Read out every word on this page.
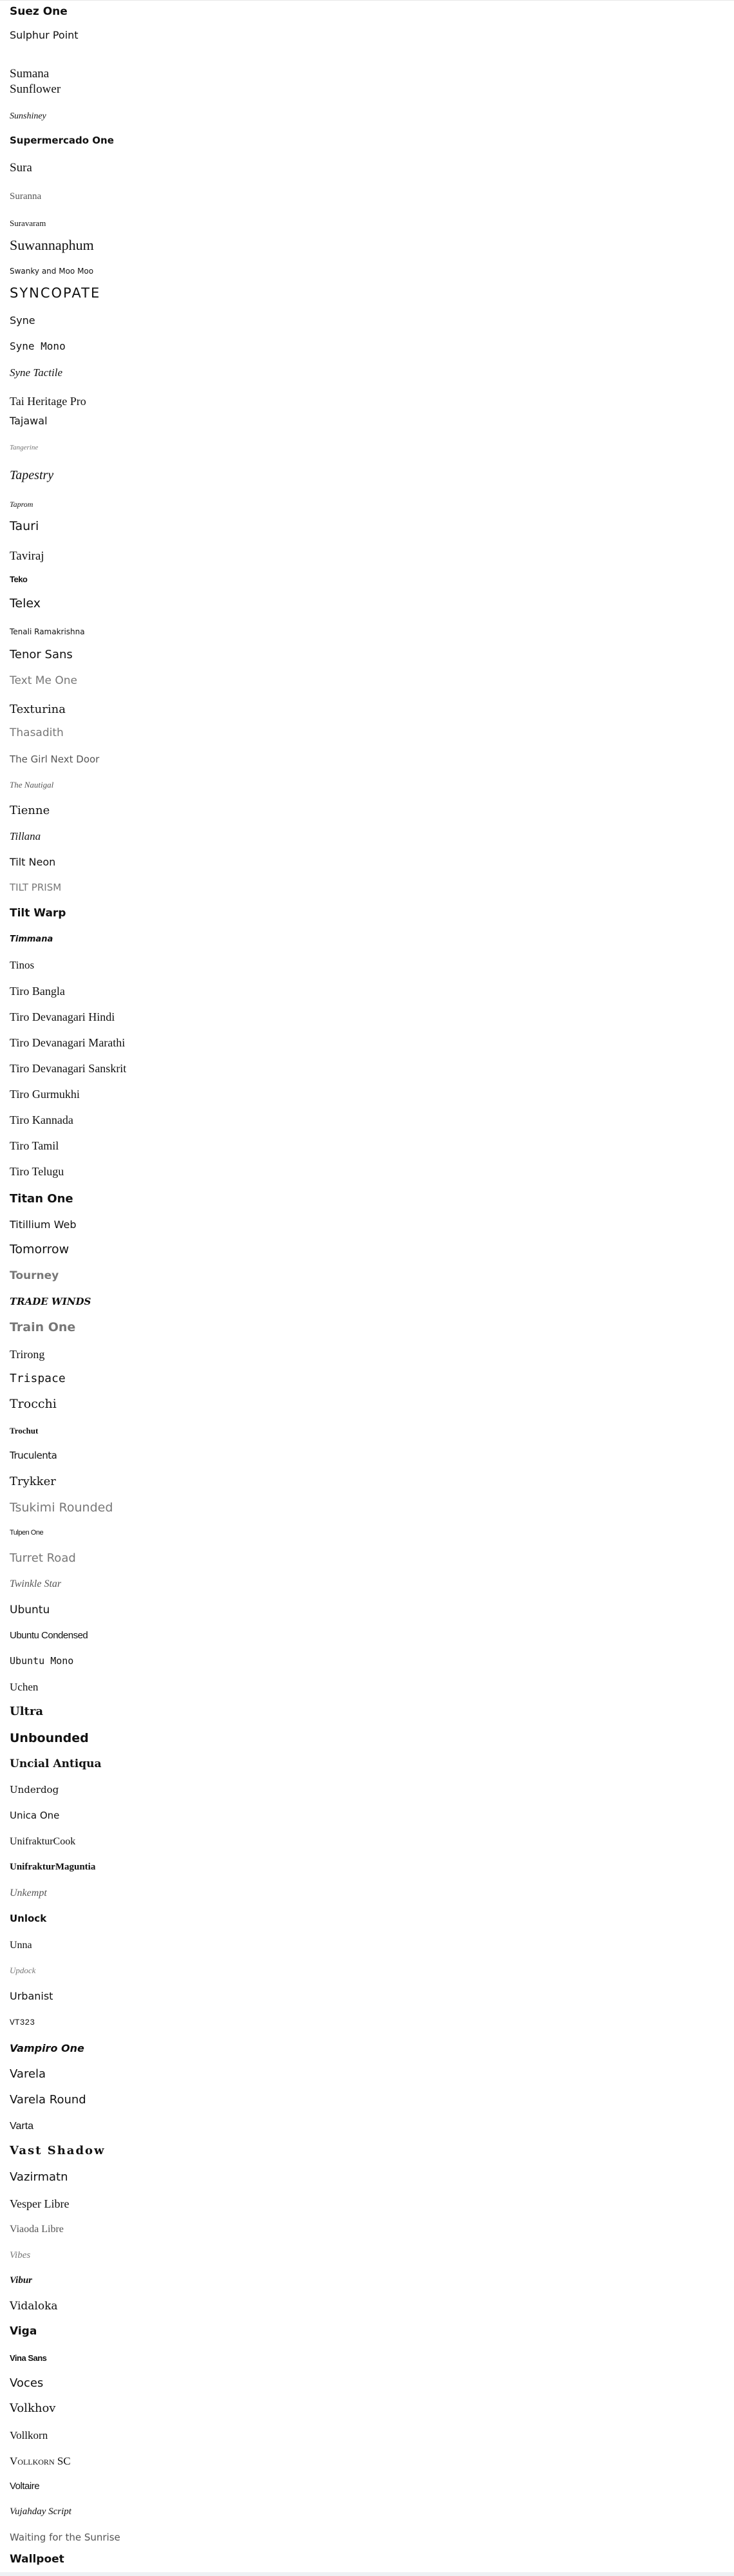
Suez One
Sulphur Point
Sumana
Sunflower
Sunshiney
Supermercado One
Sura
Suranna
Suravaram
Suwannaphum
Swanky and Moo Moo
SYNCOPATE
Syne
Syne Mono
Syne Tactile
Tai Heritage Pro
Tajawal
Tangerine
Tapestry
Taprom
Tauri
Taviraj
Teko
Telex
Tenali Ramakrishna
Tenor Sans
Text Me One
Texturina
Thasadith
The Girl Next Door
The Nautigal
Tienne
Tillana
Tilt Neon
TILT PRISM
Tilt Warp
Timmana
Tinos
Tiro Bangla
Tiro Devanagari Hindi
Tiro Devanagari Marathi
Tiro Devanagari Sanskrit
Tiro Gurmukhi
Tiro Kannada
Tiro Tamil
Tiro Telugu
Titan One
Titillium Web
Tomorrow
Tourney
TRADE WINDS
Train One
Trirong
Trispace
Trocchi
Trochut
Truculenta
Trykker
Tsukimi Rounded
Tulpen One
Turret Road
Twinkle Star
Ubuntu
Ubuntu Condensed
Ubuntu Mono
Uchen
Ultra
Unbounded
Uncial Antiqua
Underdog
Unica One
UnifrakturCook
UnifrakturMaguntia
Unkempt
Unlock
Unna
Updock
Urbanist
VT323
Vampiro One
Varela
Varela Round
Varta
Vast Shadow
Vazirmatn
Vesper Libre
Viaoda Libre
Vibes
Vibur
Vidaloka
Viga
Vina Sans
Voces
Volkhov
Vollkorn
Vollkorn SC
Voltaire
Vujahday Script
Waiting for the Sunrise
Wallpoet
